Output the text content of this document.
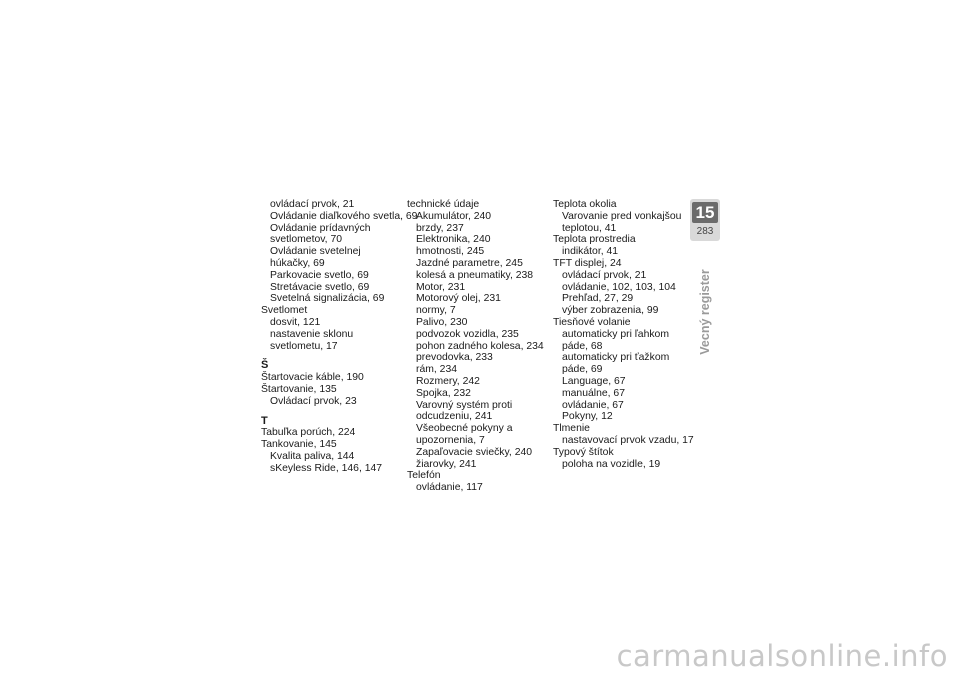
ovládací prvok, 21
Ovládanie diaľkového svetla, 69
Ovládanie prídavných
svetlometov, 70
Ovládanie svetelnej
húkačky, 69
Parkovacie svetlo, 69
Stretávacie svetlo, 69
Svetelná signalizácia, 69
Svetlomet
dosvit, 121
nastavenie sklonu
svetlometu, 17
Š
Štartovacie káble, 190
Štartovanie, 135
Ovládací prvok, 23
T
Tabuľka porúch, 224
Tankovanie, 145
Kvalita paliva, 144
sKeyless Ride, 146, 147
technické údaje
Akumulátor, 240
brzdy, 237
Elektronika, 240
hmotnosti, 245
Jazdné parametre, 245
kolesá a pneumatiky, 238
Motor, 231
Motorový olej, 231
normy, 7
Palivo, 230
podvozok vozidla, 235
pohon zadného kolesa, 234
prevodovka, 233
rám, 234
Rozmery, 242
Spojka, 232
Varovný systém proti
odcudzeniu, 241
Všeobecné pokyny a
upozornenia, 7
Zapaľovacie sviečky, 240
žiarovky, 241
Telefón
ovládanie, 117
Teplota okolia
Varovanie pred vonkajšou
teplotou, 41
Teplota prostredia
indikátor, 41
TFT displej, 24
ovládací prvok, 21
ovládanie, 102, 103, 104
Prehľad, 27, 29
výber zobrazenia, 99
Tiesňové volanie
automaticky pri ľahkom
páde, 68
automaticky pri ťažkom
páde, 69
Language, 67
manuálne, 67
ovládanie, 67
Pokyny, 12
Tlmenie
nastavovací prvok vzadu, 17
Typový štítok
poloha na vozidle, 19
15
283
Vecný register
carmanualsonline.info
